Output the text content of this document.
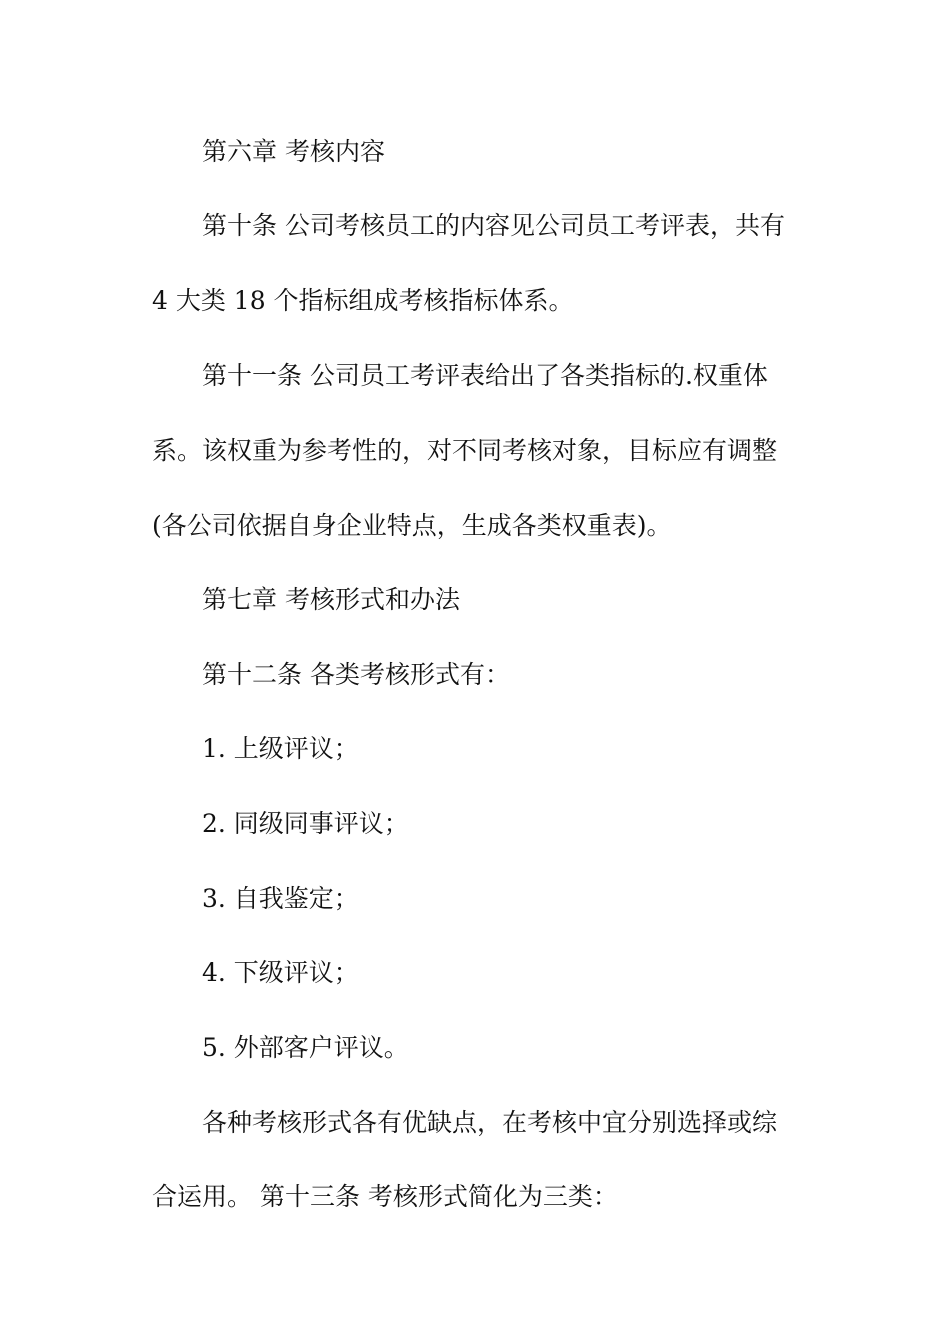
第六章 考核内容
第十条 公司考核员工的内容见公司员工考评表，共有
4 大类 18 个指标组成考核指标体系。
第十一条 公司员工考评表给出了各类指标的.权重体
系。该权重为参考性的，对不同考核对象，目标应有调整
(各公司依据自身企业特点，生成各类权重表)。
第七章 考核形式和办法
第十二条 各类考核形式有：
1. 上级评议；
2. 同级同事评议；
3. 自我鉴定；
4. 下级评议；
5. 外部客户评议。
各种考核形式各有优缺点，在考核中宜分别选择或综
合运用。 第十三条 考核形式简化为三类：
